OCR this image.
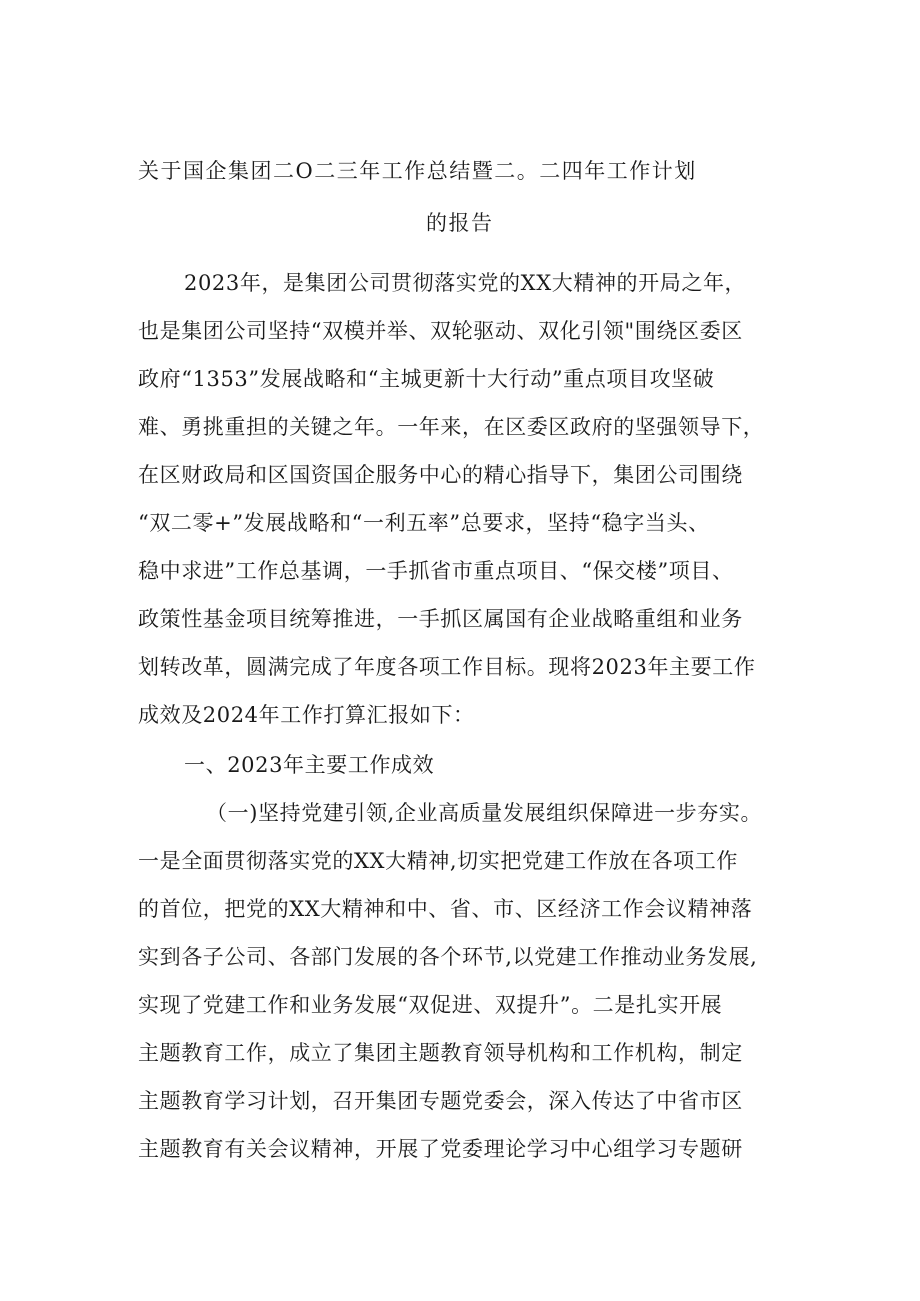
关于国企集团二O二三年工作总结暨二。二四年工作计划
的报告

2023年，是集团公司贯彻落实党的XX大精神的开局之年，

也是集团公司坚持“双模并举、双轮驱动、双化引领"围绕区委区

政府“1353”发展战略和“主城更新十大行动”重点项目攻坚破

难、勇挑重担的关键之年。一年来，在区委区政府的坚强领导下，

在区财政局和区国资国企服务中心的精心指导下，集团公司围绕

“双二零+”发展战略和“一利五率”总要求，坚持“稳字当头、

稳中求进”工作总基调，一手抓省市重点项目、“保交楼”项目、

政策性基金项目统筹推进，一手抓区属国有企业战略重组和业务

划转改革，圆满完成了年度各项工作目标。现将2023年主要工作

成效及2024年工作打算汇报如下：

一、2023年主要工作成效

（一)坚持党建引领,企业高质量发展组织保障进一步夯实。

一是全面贯彻落实党的XX大精神,切实把党建工作放在各项工作

的首位，把党的XX大精神和中、省、市、区经济工作会议精神落

实到各子公司、各部门发展的各个环节,以党建工作推动业务发展,

实现了党建工作和业务发展“双促进、双提升”。二是扎实开展

主题教育工作，成立了集团主题教育领导机构和工作机构，制定

主题教育学习计划，召开集团专题党委会，深入传达了中省市区

主题教育有关会议精神，开展了党委理论学习中心组学习专题研
